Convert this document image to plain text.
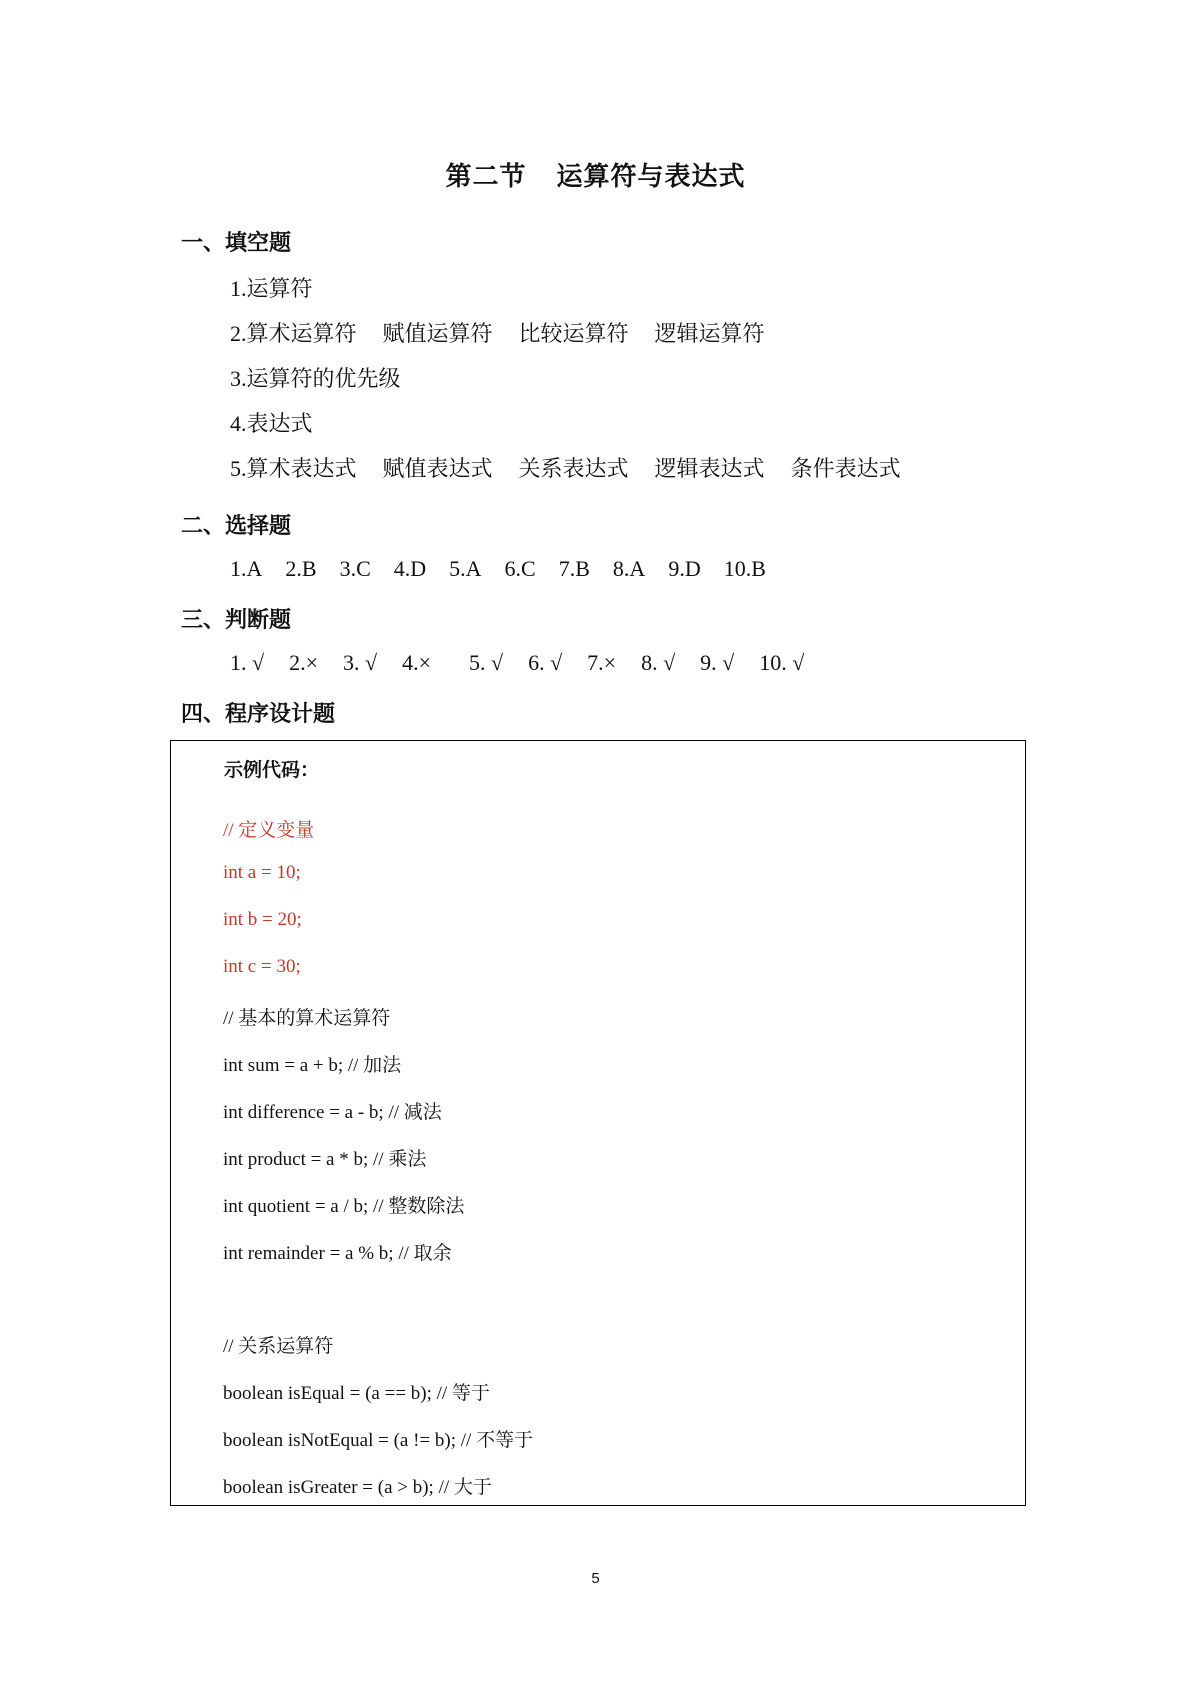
第二节 运算符与表达式
一、填空题
1.运算符
2.算术运算符 赋值运算符 比较运算符 逻辑运算符
3.运算符的优先级
4.表达式
5.算术表达式 赋值表达式 关系表达式 逻辑表达式 条件表达式
二、选择题
1.A 2.B 3.C 4.D 5.A 6.C 7.B 8.A 9.D 10.B
三、判断题
1. √ 2.× 3. √ 4.× 5. √ 6. √ 7.× 8. √ 9. √ 10. √
四、程序设计题
示例代码：
// 定义变量
int a = 10;
int b = 20;
int c = 30;
// 基本的算术运算符
int sum = a + b; // 加法
int difference = a - b; // 减法
int product = a * b; // 乘法
int quotient = a / b; // 整数除法
int remainder = a % b; // 取余
// 关系运算符
boolean isEqual = (a == b); // 等于
boolean isNotEqual = (a != b); // 不等于
boolean isGreater = (a > b); // 大于
5
